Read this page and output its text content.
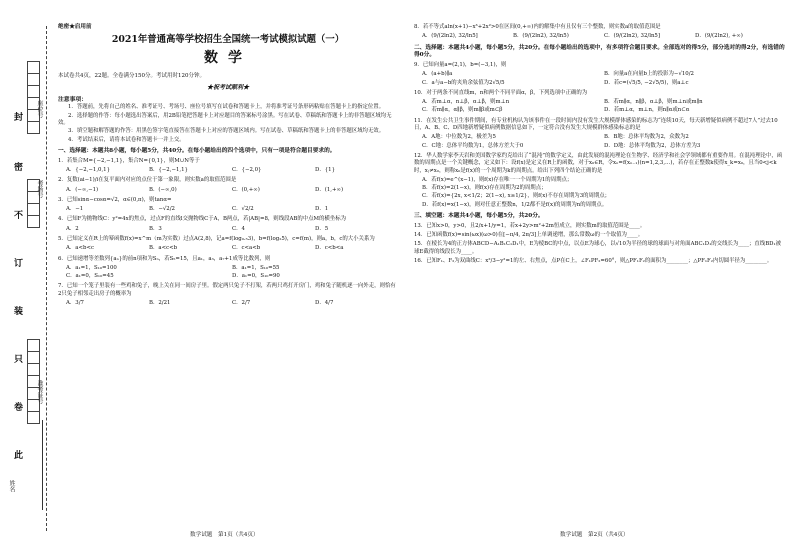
座位号
考场号
准考证号
姓名
封
密
不
订
装
只
卷
此
绝密★启用前
2021年普通高等学校招生全国统一考试模拟试题（一）
数学
本试卷共4页，22题。全卷满分150分。考试用时120分钟。
★祝考试顺利★
注意事项：
1．答题前，先将自己的姓名、准考证号、考场号、座位号填写在试卷和答题卡上，并将准考证号条形码粘贴在答题卡上的指定位置。
2．选择题的作答：每小题选出答案后，用2B铅笔把答题卡上对应题目的答案标号涂黑。写在试卷、草稿纸和答题卡上的非答题区域均无效。
3．填空题和解答题的作答：用黑色签字笔直接答在答题卡上对应的答题区域内。写在试卷、草稿纸和答题卡上的非答题区域均无效。
4．考试结束后，请将本试卷和答题卡一并上交。
一、选择题：本题共8小题，每小题5分，共40分。在每小题给出的四个选项中，只有一项是符合题目要求的。
1．若集合M={−2,−1,1}，集合N={0,1}，则M∪N等于
A．{−2,−1,0,1}	B．{−2,−1,1}	C．{−2,0}	D．{1}
2．复数(ai−1)/i在复平面内对应的点位于第一象限，则实数a的取值范围是
A．(−∞,−1)	B．(−∞,0)	C．(0,+∞)	D．(1,+∞)
3．已知sinα−cosα=√2，α∈(0,π)，则tanα=
A．−1	B．−√2/2	C．√2/2	D．1
4．已知F为抛物线C：y²=4x的焦点，过点F的直线l交抛物线C于A，B两点，若|AB|=8，则线段AB的中点M的横坐标为
A．2	B．3	C．4	D．5
5．已知定义在R上的幂函数f(x)=x^m（m为实数）过点A(2,8)，记a=f(log₀.₅3)，b=f(log₂5)，c=f(m)，则a，b，c的大小关系为
A．a<b<c	B．a<c<b	C．c<a<b	D．c<b<a
6．已知递增等差数列{aₙ}的前n项和为Sₙ，若S₅=15，且a₁，a₃，a₇+1成等比数列，则
A．a₁=1，S₁₀=100	B．a₁=1，S₁₀=55
C．a₁=0，S₁₀=45	D．a₁=0，S₁₀=90
7．已知一个笼子里装有一些鸡和兔子，晚上关在同一间房子里。假定两只兔子不打架，若两只鸡打开房门，鸡和兔子随机逐一向外走，则恰有2只兔子相邻走出房子的概率为
A．3/7	B．2/21	C．2/7	D．4/7
数学试题　第1页（共4页）
8．若不等式aln(x+1)−x³+2x²>0在区间(0,+∞)内的解集中有且仅有三个整数，则实数a的取值范围是
A．(9/(2ln2), 32/ln5]	B．(9/(2ln2), 32/ln5)	C．(9/(2ln2), 32/ln5]	D．(9/(2ln2), +∞)
二、选择题：本题共4小题，每小题5分，共20分。在每小题给出的选项中，有多项符合题目要求。全部选对的得5分，部分选对的得2分，有选错的得0分。
9．已知向量a=(2,1)，b=(−3,1)，则
A．(a+b)∥a	B．向量a在向量b上的投影为−√10/2
C．a与a−b的夹角余弦值为2√5/5	D．若c=(√5/5, −2√5/5)，则a⊥c
10．对于两条不同直线m，n和两个不同平面α，β，下列选项中正确的为
A．若m⊥α，n⊥β，α⊥β，则m⊥n	B．若m∥α，n∥β，α⊥β，则m⊥n或m∥n
C．若m∥α，α∥β，则m∥β或m⊂β	D．若m⊥α，m⊥n，则n∥α或n⊂α
11．在发生公共卫生事件期间，有专业机构认为该事件在一段时间内没有发生大规模群体感染的标志为“连续10天，每天新增疑似病例不超过7人”过去10日，A、B、C、D四地新增疑似病例数据信息如下，一定符合没有发生大规模群体感染标志的是
A．A地：中位数为2，极差为5	B．B地：总体平均数为2，众数为2
C．C地：总体平均数为1，总体方差大于0	D．D地：总体平均数为2，总体方差为3
12．华人数学家李天岩和美国数学家约克给出了“混沌”的数学定义，由此发展的混沌理论在生物学、经济学和社会学领域都有重要作用。在混沌理论中，函数的周期点是一个关键概念，定义如下：设f(x)是定义在R上的函数，对于x₀∈R，令xₙ=f(xₙ₋₁)(n=1,2,3,…)，若存在正整数k使得x_k=x₀，且当0<j<k时，xⱼ≠x₀，则称x₀是f(x)的一个周期为k的周期点。给出下列四个结论正确的是
A．若f(x)=e^(x−1)，则f(x)存在唯一一个周期为1的周期点；
B．若f(x)=2(1−x)，则f(x)存在周期为2的周期点；
C．若f(x)={2x, x<1/2；2(1−x), x≥1/2}，则f(x)不存在周期为3的周期点；
D．若f(x)=x(1−x)，则对任意正整数n，1/2都不是f(x)的周期为n的周期点。
三、填空题：本题共4小题，每小题5分，共20分。
13．已知x>0，y>0，且2/x+1/y=1，若x+2y>m²+2m恒成立，则实数m的取值范围是____。
14．已知函数f(x)=sin(ωx)(ω>0)在[−π/4, 2π/3]上单调递增，那么常数ω的一个取值为____。
15．在棱长为4的正方体ABCD−A₁B₁C₁D₁中，E为棱BC的中点，以点E为球心，以√10为半径的球的球面与对角面ABC₁D₁的交线长为____；直线BD₁被球E截得的线段长为____。
16．已知F₁、F₂为双曲线C：x²/3−y²=1的左、右焦点，点P在C上，∠F₁PF₂=60°，则△PF₁F₂的面积为________；△PF₁F₂内切圆半径为________。
数学试题　第2页（共4页）
